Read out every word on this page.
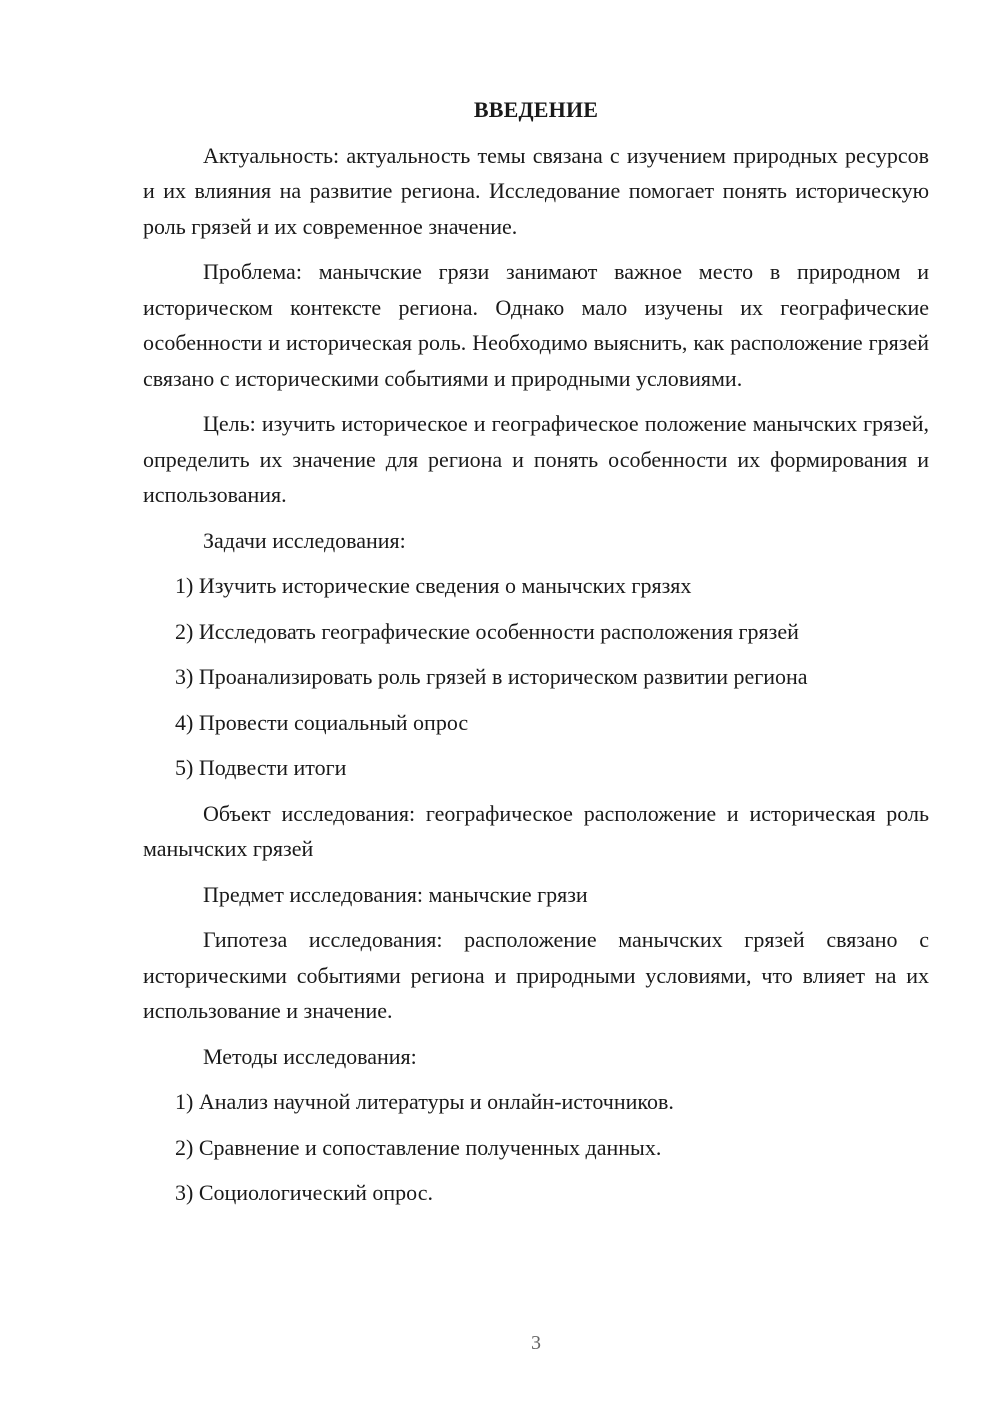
ВВЕДЕНИЕ

Актуальность: актуальность темы связана с изучением природных ресурсов и их влияния на развитие региона. Исследование помогает понять историческую роль грязей и их современное значение.

Проблема: манычские грязи занимают важное место в природном и историческом контексте региона. Однако мало изучены их географические особенности и историческая роль. Необходимо выяснить, как расположение грязей связано с историческими событиями и природными условиями.

Цель: изучить историческое и географическое положение манычских грязей, определить их значение для региона и понять особенности их формирования и использования.

Задачи исследования:

1) Изучить исторические сведения о манычских грязях
2) Исследовать географические особенности расположения грязей
3) Проанализировать роль грязей в историческом развитии региона
4) Провести социальный опрос
5) Подвести итоги

Объект исследования: географическое расположение и историческая роль манычских грязей

Предмет исследования: манычские грязи

Гипотеза исследования: расположение манычских грязей связано с историческими событиями региона и природными условиями, что влияет на их использование и значение.

Методы исследования:

1) Анализ научной литературы и онлайн-источников.
2) Сравнение и сопоставление полученных данных.
3) Социологический опрос.
3
